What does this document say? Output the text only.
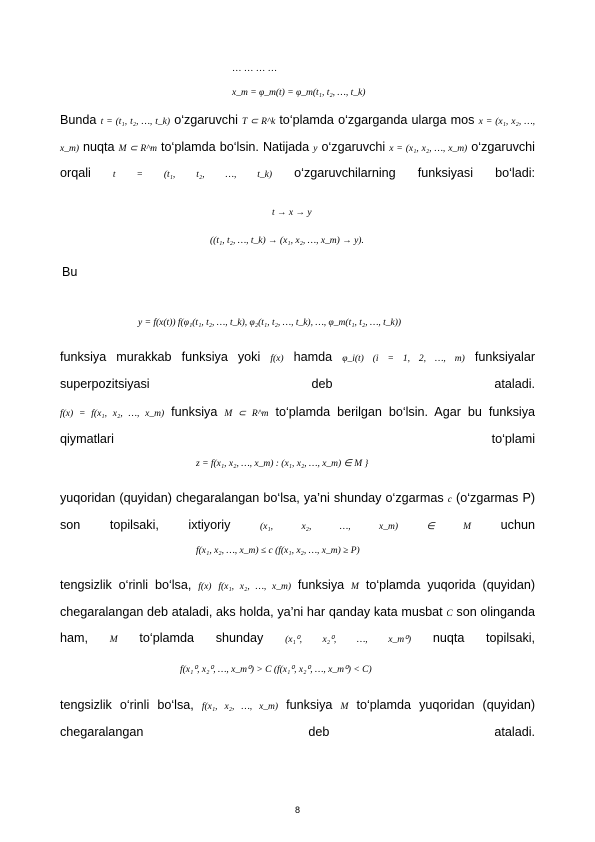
… … … …
x_m = φ_m(t) = φ_m(t₁, t₂, …, t_k)
Bunda t = (t₁, t₂, …, t_k) o‘zgaruvchi T ⊂ R^k to‘plamda o‘zgarganda ularga mos x = (x₁, x₂, …, x_m) nuqta M ⊂ R^m to‘plamda bo‘lsin. Natijada y o‘zgaruvchi x = (x₁, x₂, …, x_m) o‘zgaruvchi orqali t = (t₁, t₂, …, t_k) o‘zgaruvchilarning funksiyasi bo‘ladi:
t → x → y
((t₁, t₂, …, t_k) → (x₁, x₂, …, x_m) → y).
Bu
y = f(x(t)) f(φ₁(t₁, t₂, …, t_k), φ₂(t₁, t₂, …, t_k), …, φ_m(t₁, t₂, …, t_k))
funksiya murakkab funksiya yoki f(x) hamda φ_i(t) (i = 1, 2, …, m) funksiyalar superpozitsiyasi deb ataladi.
f(x) = f(x₁, x₂, …, x_m) funksiya M ⊂ R^m to‘plamda berilgan bo‘lsin. Agar bu funksiya qiymatlari to‘plami
z = f(x₁, x₂, …, x_m) : (x₁, x₂, …, x_m) ∈ M }
yuqoridan (quyidan) chegaralangan bo‘lsa, ya’ni shunday o‘zgarmas c (o‘zgarmas P) son topilsaki, ixtiyoriy	(x₁, x₂, …, x_m) ∈ M uchun
f(x₁, x₂, …, x_m) ≤ c (f(x₁, x₂, …, x_m) ≥ P)
tengsizlik o‘rinli bo‘lsa, f(x) f(x₁, x₂, …, x_m) funksiya M to‘plamda yuqorida (quyidan) chegaralangan deb ataladi, aks holda, ya’ni har qanday kata musbat C son olinganda ham, M to‘plamda shunday (x₁⁰, x₂⁰, …, x_m⁰) nuqta topilsaki,
f(x₁⁰, x₂⁰, …, x_m⁰) > C (f(x₁⁰, x₂⁰, …, x_m⁰) < C)
tengsizlik o‘rinli bo‘lsa, f(x₁, x₂, …, x_m) funksiya M to‘plamda yuqoridan (quyidan) chegaralangan deb ataladi.
8
